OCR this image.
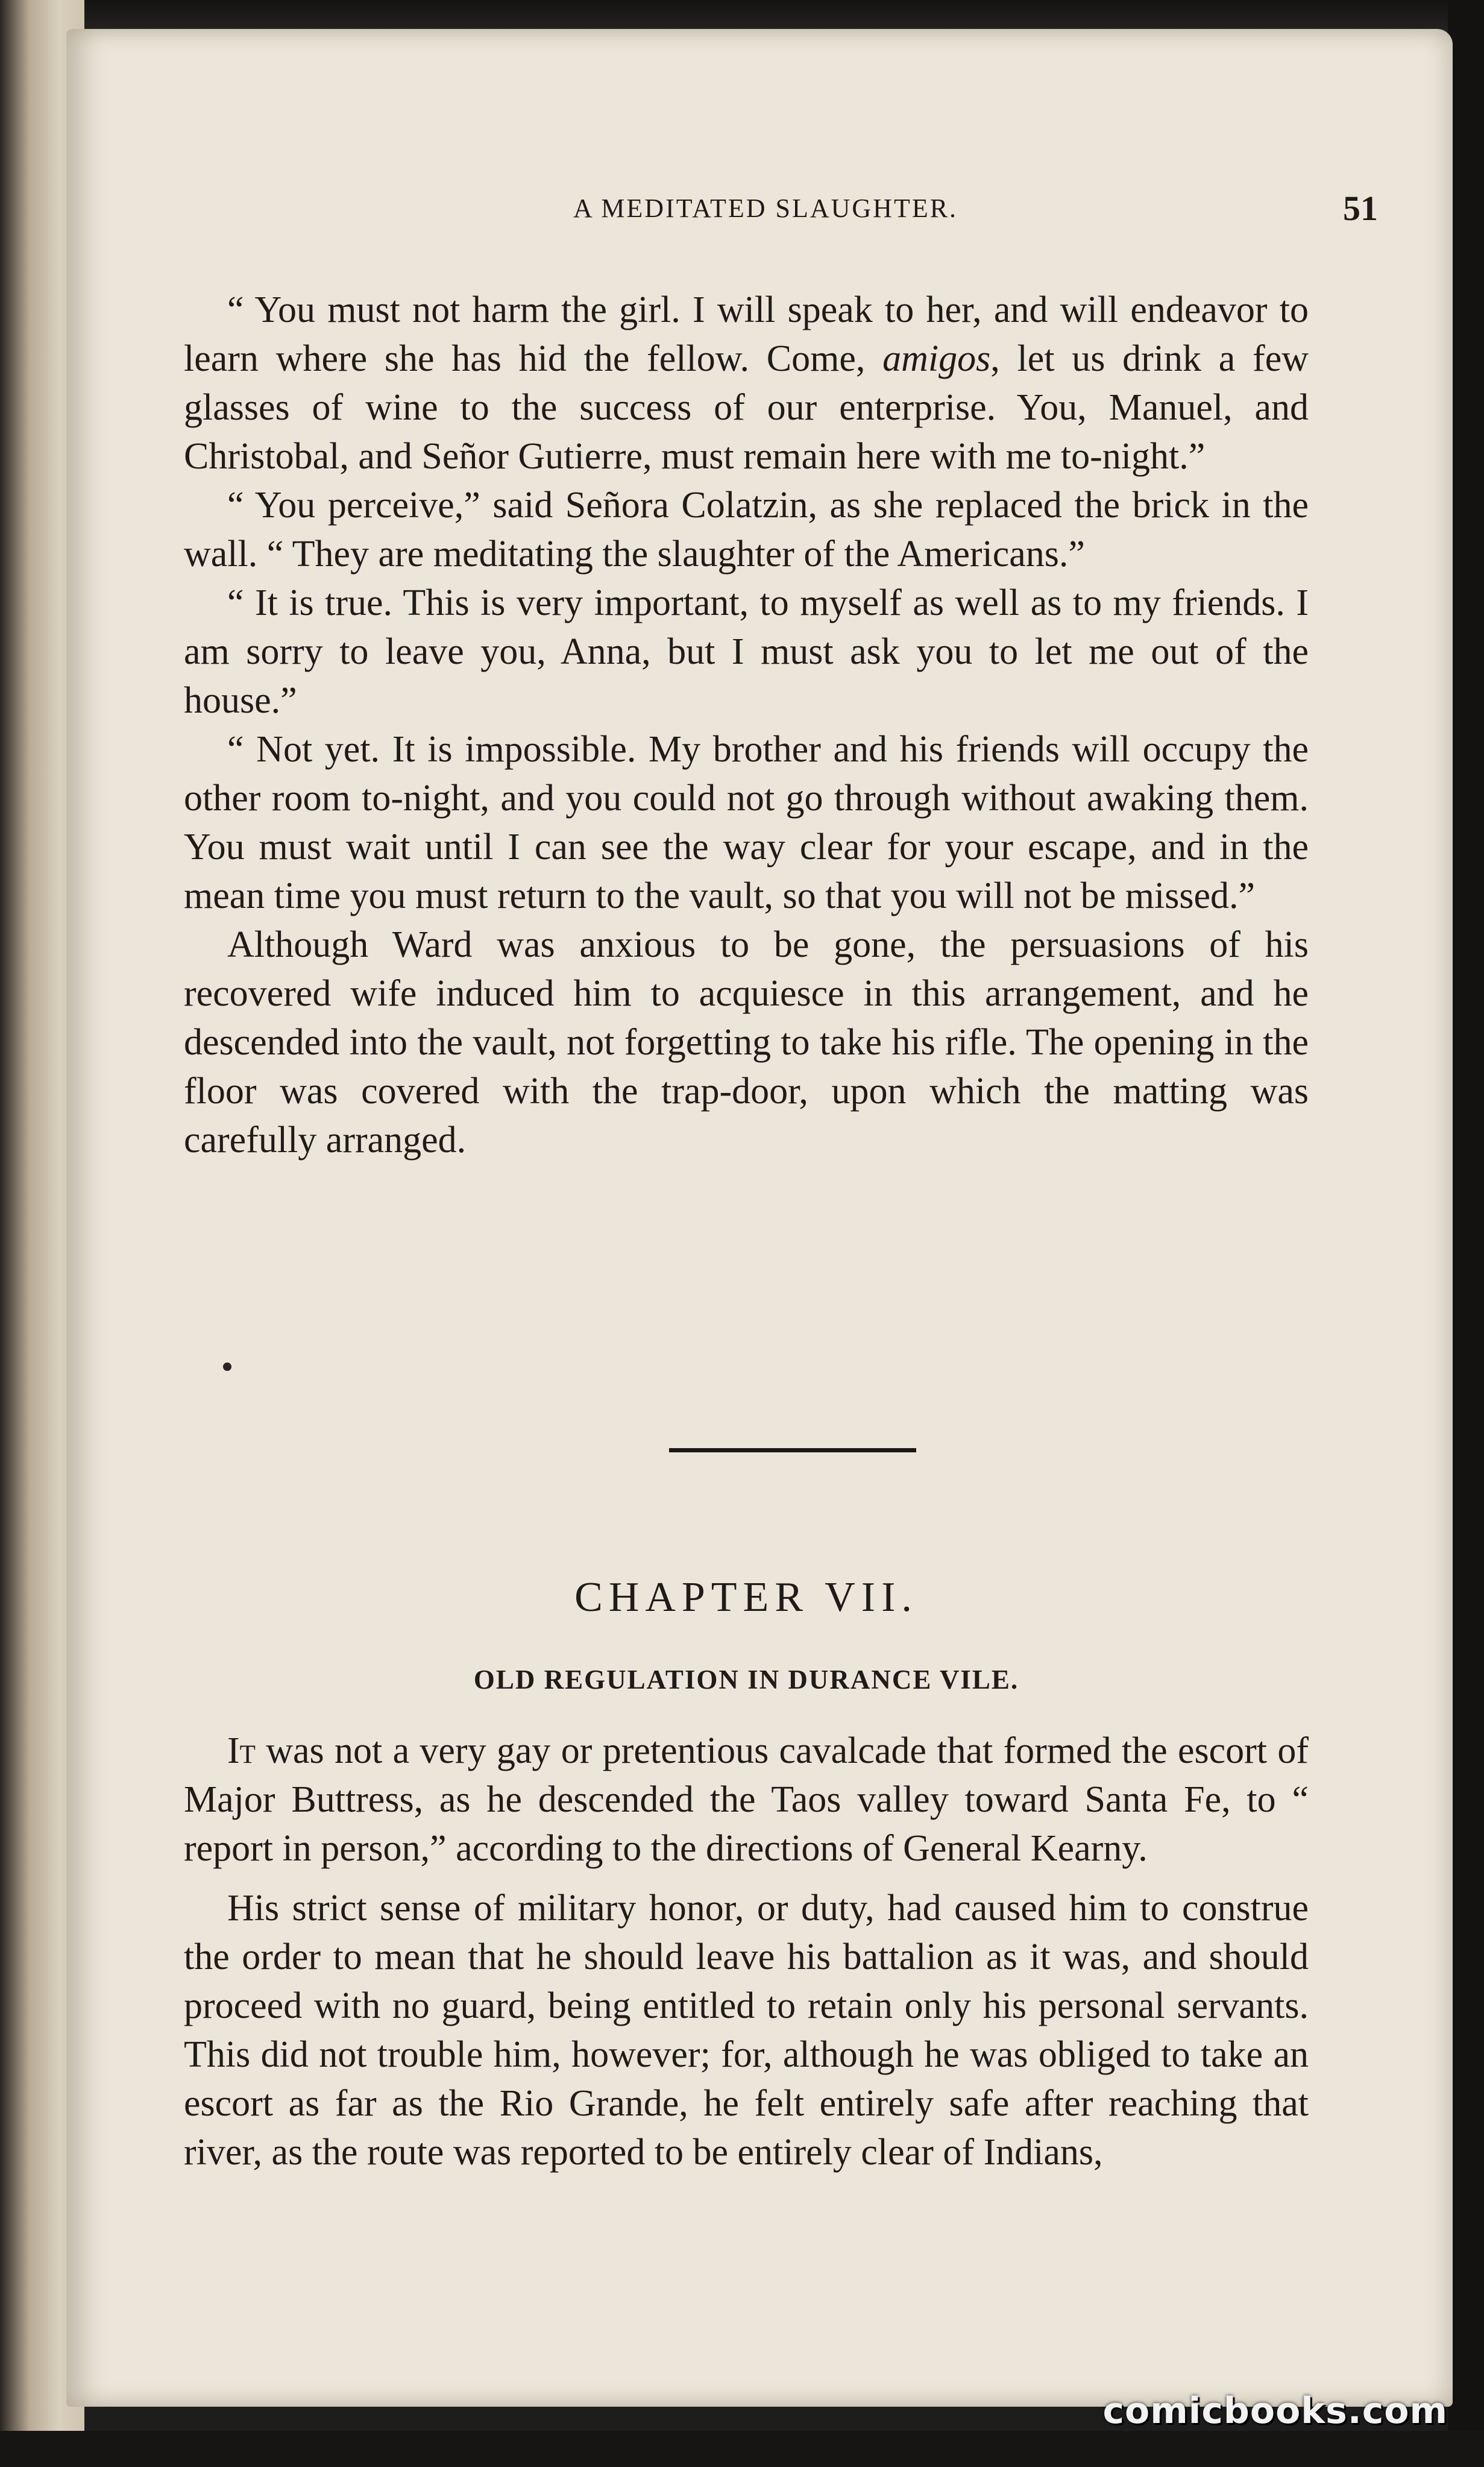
A MEDITATED SLAUGHTER.	51

“ You must not harm the girl. I will speak to her, and will endeavor to learn where she has hid the fellow. Come, amigos, let us drink a few glasses of wine to the success of our enterprise. You, Manuel, and Christobal, and Señor Gutierre, must remain here with me to-night.”

“ You perceive,” said Señora Colatzin, as she replaced the brick in the wall. “ They are meditating the slaughter of the Americans.”

“ It is true. This is very important, to myself as well as to my friends. I am sorry to leave you, Anna, but I must ask you to let me out of the house.”

“ Not yet. It is impossible. My brother and his friends will occupy the other room to-night, and you could not go through without awaking them. You must wait until I can see the way clear for your escape, and in the mean time you must return to the vault, so that you will not be missed.”

Although Ward was anxious to be gone, the persuasions of his recovered wife induced him to acquiesce in this arrangement, and he descended into the vault, not forgetting to take his rifle. The opening in the floor was covered with the trap-door, upon which the matting was carefully arranged.

CHAPTER VII.
OLD REGULATION IN DURANCE VILE.

It was not a very gay or pretentious cavalcade that formed the escort of Major Buttress, as he descended the Taos valley toward Santa Fe, to “ report in person,” according to the directions of General Kearny.

His strict sense of military honor, or duty, had caused him to construe the order to mean that he should leave his battalion as it was, and should proceed with no guard, being entitled to retain only his personal servants. This did not trouble him, however; for, although he was obliged to take an escort as far as the Rio Grande, he felt entirely safe after reaching that river, as the route was reported to be entirely clear of Indians,

comicbooks.com
